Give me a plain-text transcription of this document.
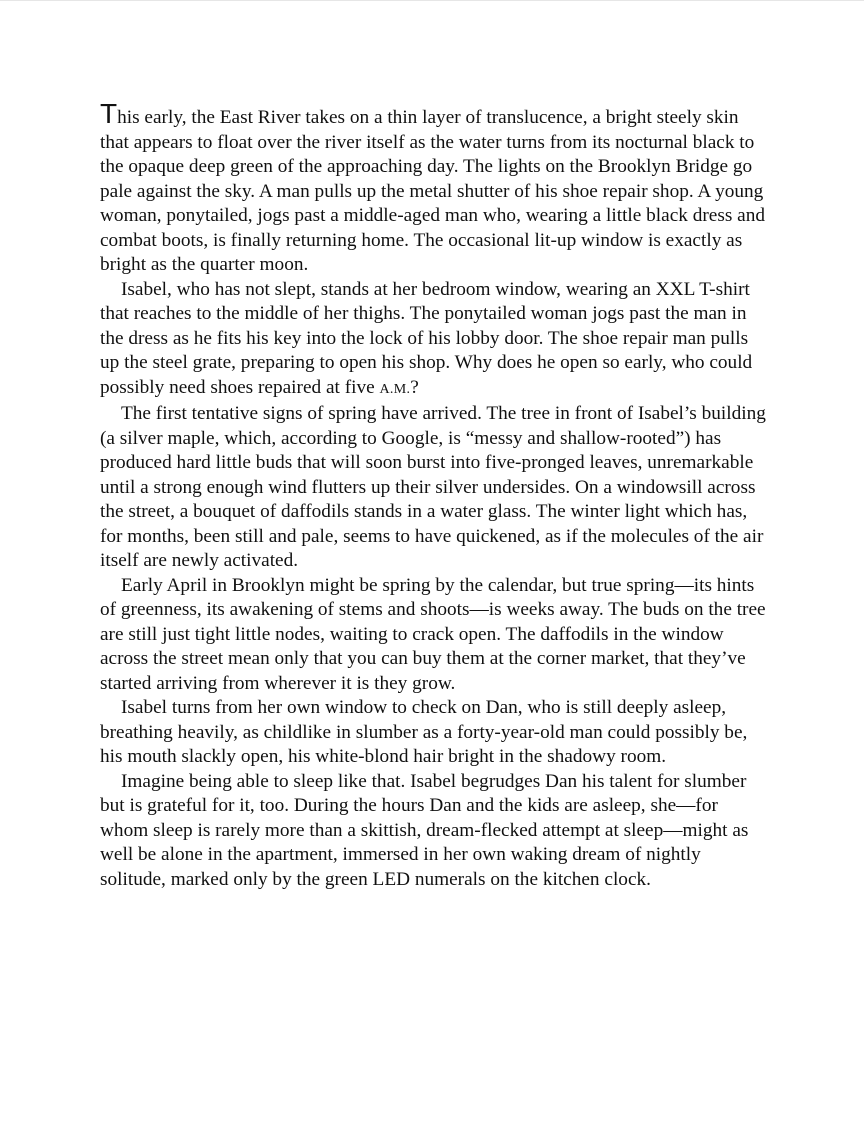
This early, the East River takes on a thin layer of translucence, a bright steely skin that appears to float over the river itself as the water turns from its nocturnal black to the opaque deep green of the approaching day. The lights on the Brooklyn Bridge go pale against the sky. A man pulls up the metal shutter of his shoe repair shop. A young woman, ponytailed, jogs past a middle-aged man who, wearing a little black dress and combat boots, is finally returning home. The occasional lit-up window is exactly as bright as the quarter moon.

Isabel, who has not slept, stands at her bedroom window, wearing an XXL T-shirt that reaches to the middle of her thighs. The ponytailed woman jogs past the man in the dress as he fits his key into the lock of his lobby door. The shoe repair man pulls up the steel grate, preparing to open his shop. Why does he open so early, who could possibly need shoes repaired at five A.M.?

The first tentative signs of spring have arrived. The tree in front of Isabel’s building (a silver maple, which, according to Google, is “messy and shallow-rooted”) has produced hard little buds that will soon burst into five-pronged leaves, unremarkable until a strong enough wind flutters up their silver undersides. On a windowsill across the street, a bouquet of daffodils stands in a water glass. The winter light which has, for months, been still and pale, seems to have quickened, as if the molecules of the air itself are newly activated.

Early April in Brooklyn might be spring by the calendar, but true spring—its hints of greenness, its awakening of stems and shoots—is weeks away. The buds on the tree are still just tight little nodes, waiting to crack open. The daffodils in the window across the street mean only that you can buy them at the corner market, that they’ve started arriving from wherever it is they grow.

Isabel turns from her own window to check on Dan, who is still deeply asleep, breathing heavily, as childlike in slumber as a forty-year-old man could possibly be, his mouth slackly open, his white-blond hair bright in the shadowy room.

Imagine being able to sleep like that. Isabel begrudges Dan his talent for slumber but is grateful for it, too. During the hours Dan and the kids are asleep, she—for whom sleep is rarely more than a skittish, dream-flecked attempt at sleep—might as well be alone in the apartment, immersed in her own waking dream of nightly solitude, marked only by the green LED numerals on the kitchen clock.
